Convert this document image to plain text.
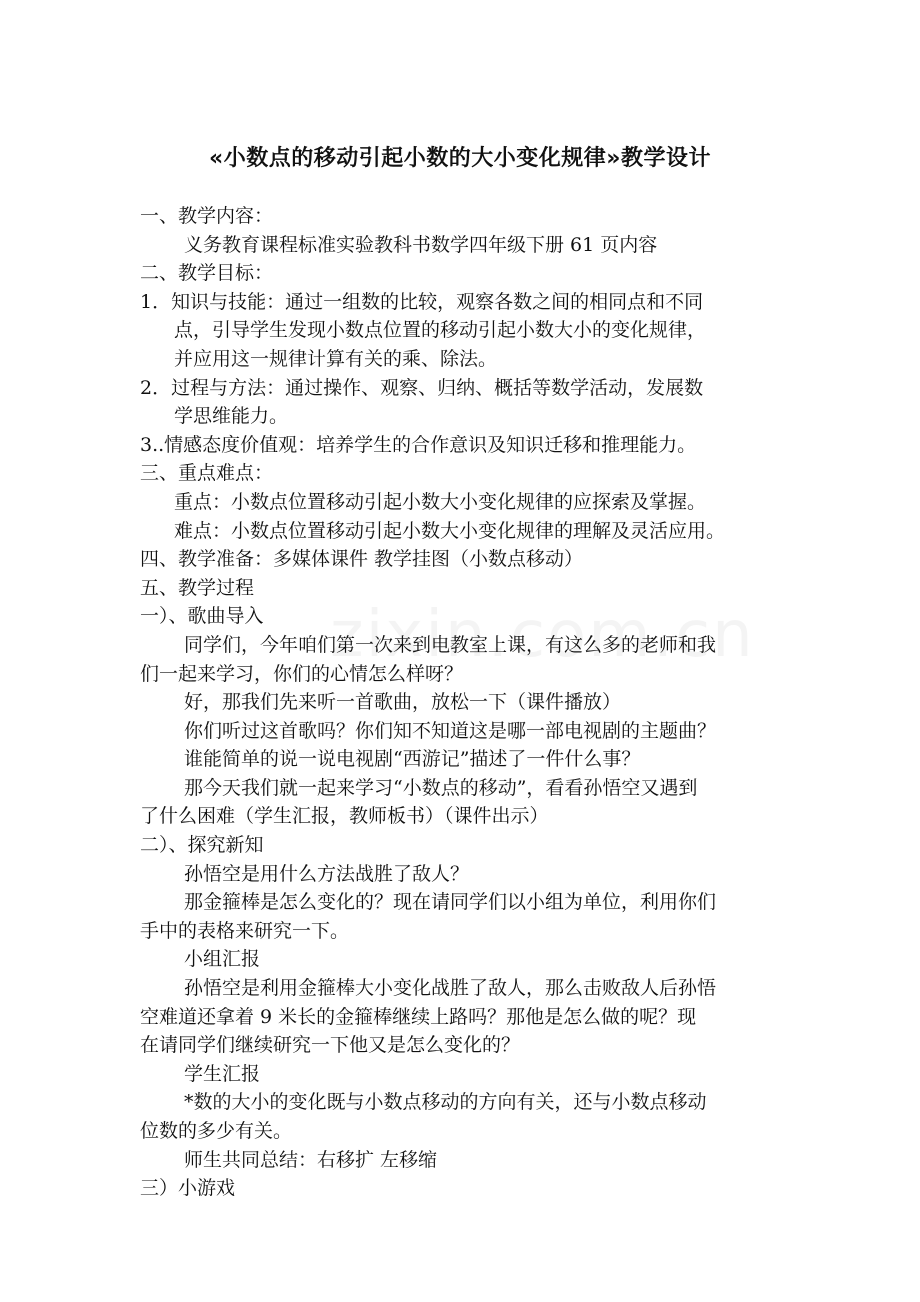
«小数点的移动引起小数的大小变化规律»教学设计
一、教学内容：
义务教育课程标准实验教科书数学四年级下册 61 页内容
二、教学目标：
1．知识与技能：通过一组数的比较，观察各数之间的相同点和不同
点，引导学生发现小数点位置的移动引起小数大小的变化规律，
并应用这一规律计算有关的乘、除法。
2．过程与方法：通过操作、观察、归纳、概括等数学活动，发展数
学思维能力。
3..情感态度价值观：培养学生的合作意识及知识迁移和推理能力。
三、重点难点：
重点：小数点位置移动引起小数大小变化规律的应探索及掌握。
难点：小数点位置移动引起小数大小变化规律的理解及灵活应用。
四、教学准备：多媒体课件 教学挂图（小数点移动）
五、教学过程
一）、歌曲导入
同学们，今年咱们第一次来到电教室上课，有这么多的老师和我
们一起来学习，你们的心情怎么样呀？
好，那我们先来听一首歌曲，放松一下（课件播放）
你们听过这首歌吗？你们知不知道这是哪一部电视剧的主题曲？
谁能简单的说一说电视剧“西游记”描述了一件什么事？
那今天我们就一起来学习“小数点的移动”，看看孙悟空又遇到
了什么困难（学生汇报，教师板书）（课件出示）
二）、探究新知
孙悟空是用什么方法战胜了敌人？
那金箍棒是怎么变化的？现在请同学们以小组为单位，利用你们
手中的表格来研究一下。
小组汇报
孙悟空是利用金箍棒大小变化战胜了敌人，那么击败敌人后孙悟
空难道还拿着 9 米长的金箍棒继续上路吗？那他是怎么做的呢？现
在请同学们继续研究一下他又是怎么变化的？
学生汇报
*数的大小的变化既与小数点移动的方向有关，还与小数点移动
位数的多少有关。
师生共同总结：右移扩 左移缩
三）小游戏
